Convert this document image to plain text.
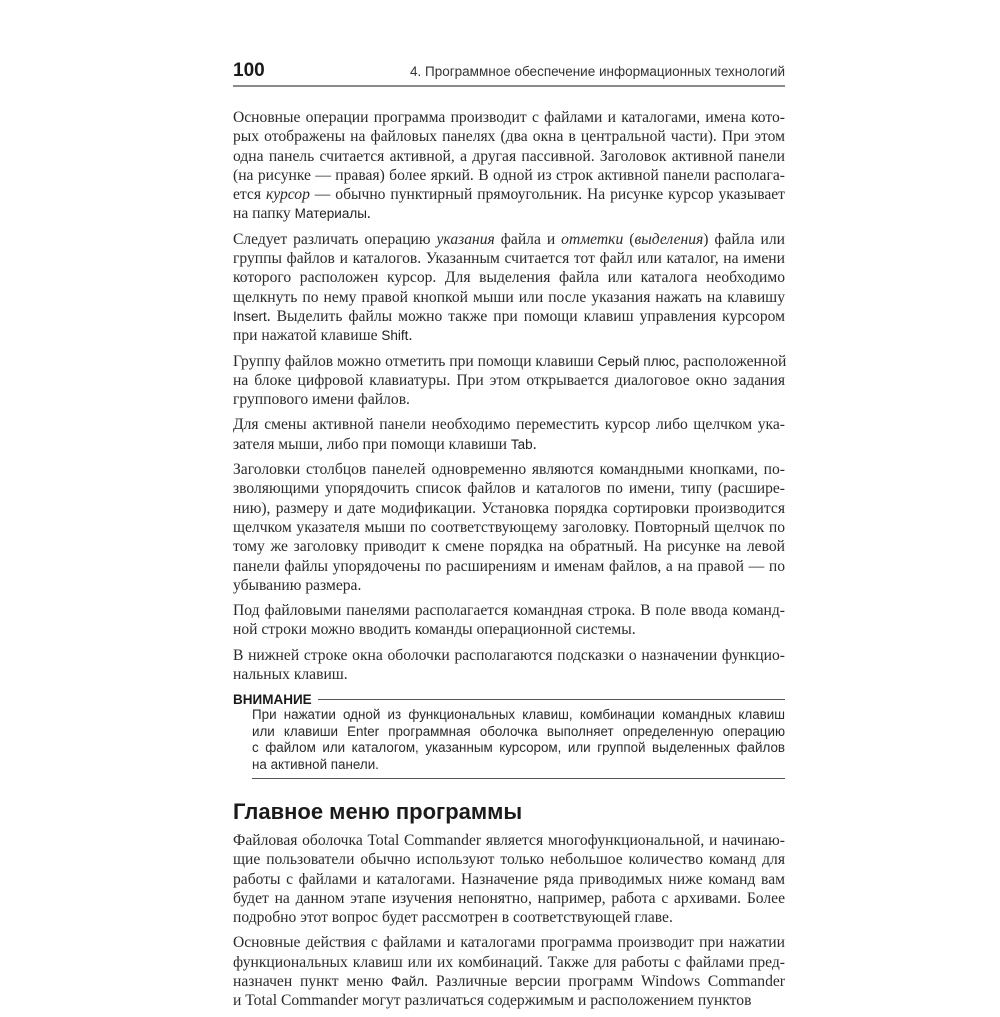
100	4. Программное обеспечение информационных технологий
Основные операции программа производит с файлами и каталогами, имена кото-
рых отображены на файловых панелях (два окна в центральной части). При этом
одна панель считается активной, а другая пассивной. Заголовок активной панели
(на рисунке — правая) более яркий. В одной из строк активной панели располага-
ется курсор — обычно пунктирный прямоугольник. На рисунке курсор указывает
на папку Материалы.
Следует различать операцию указания файла и отметки (выделения) файла или
группы файлов и каталогов. Указанным считается тот файл или каталог, на имени
которого расположен курсор. Для выделения файла или каталога необходимо
щелкнуть по нему правой кнопкой мыши или после указания нажать на клавишу
Insert. Выделить файлы можно также при помощи клавиш управления курсором
при нажатой клавише Shift.
Группу файлов можно отметить при помощи клавиши Серый плюс, расположенной
на блоке цифровой клавиатуры. При этом открывается диалоговое окно задания
группового имени файлов.
Для смены активной панели необходимо переместить курсор либо щелчком ука-
зателя мыши, либо при помощи клавиши Tab.
Заголовки столбцов панелей одновременно являются командными кнопками, по-
зволяющими упорядочить список файлов и каталогов по имени, типу (расшире-
нию), размеру и дате модификации. Установка порядка сортировки производится
щелчком указателя мыши по соответствующему заголовку. Повторный щелчок по
тому же заголовку приводит к смене порядка на обратный. На рисунке на левой
панели файлы упорядочены по расширениям и именам файлов, а на правой — по
убыванию размера.
Под файловыми панелями располагается командная строка. В поле ввода команд-
ной строки можно вводить команды операционной системы.
В нижней строке окна оболочки располагаются подсказки о назначении функцио-
нальных клавиш.
ВНИМАНИЕ
При нажатии одной из функциональных клавиш, комбинации командных клавиш
или клавиши Enter программная оболочка выполняет определенную операцию
с файлом или каталогом, указанным курсором, или группой выделенных файлов
на активной панели.
Главное меню программы
Файловая оболочка Total Commander является многофункциональной, и начинаю-
щие пользователи обычно используют только небольшое количество команд для
работы с файлами и каталогами. Назначение ряда приводимых ниже команд вам
будет на данном этапе изучения непонятно, например, работа с архивами. Более
подробно этот вопрос будет рассмотрен в соответствующей главе.
Основные действия с файлами и каталогами программа производит при нажатии
функциональных клавиш или их комбинаций. Также для работы с файлами пред-
назначен пункт меню Файл. Различные версии программ Windows Commander
и Total Commander могут различаться содержимым и расположением пунктов
